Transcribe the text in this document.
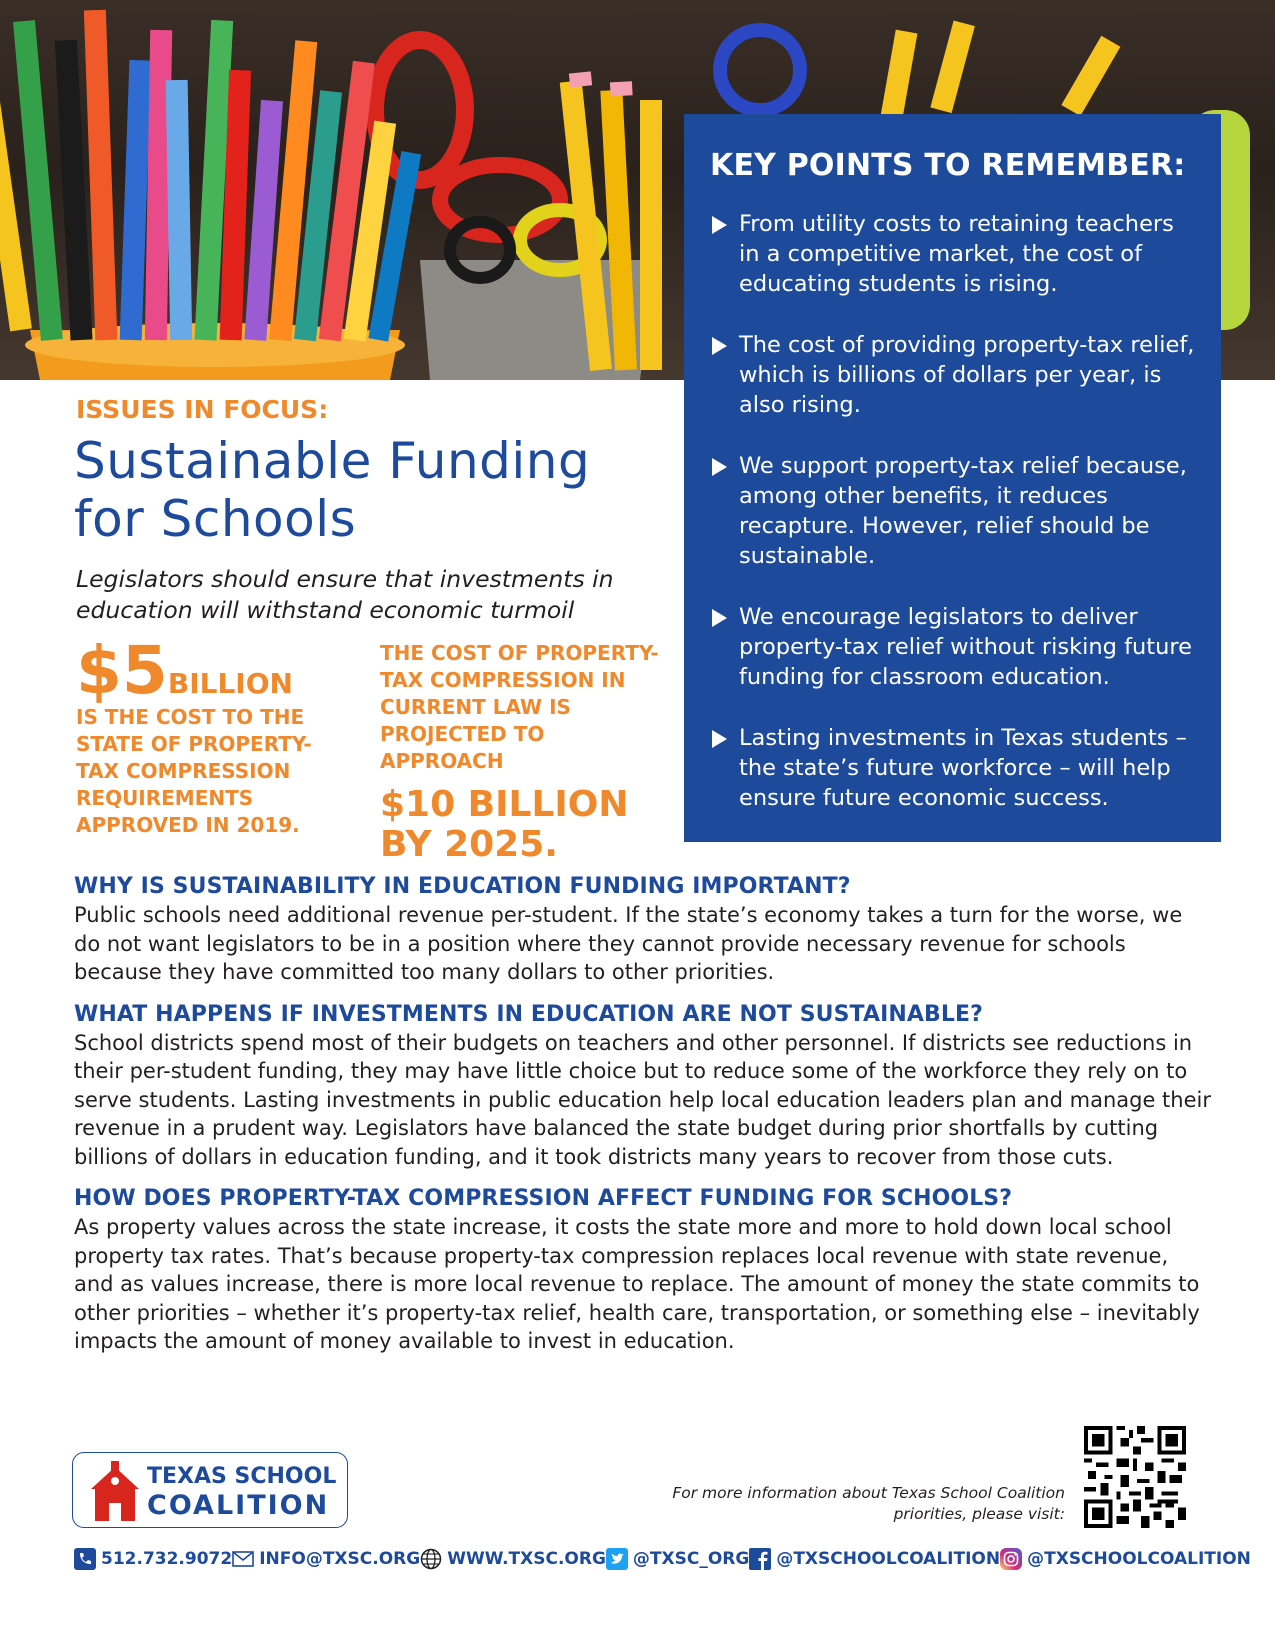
KEY POINTS TO REMEMBER:
From utility costs to retaining teachers in a competitive market, the cost of educating students is rising.
The cost of providing property-tax relief, which is billions of dollars per year, is also rising.
We support property-tax relief because, among other benefits, it reduces recapture. However, relief should be sustainable.
We encourage legislators to deliver property-tax relief without risking future funding for classroom education.
Lasting investments in Texas students – the state’s future workforce – will help ensure future economic success.
ISSUES IN FOCUS:
Sustainable Funding for Schools
Legislators should ensure that investments in education will withstand economic turmoil
$5BILLION
IS THE COST TO THE STATE OF PROPERTY-TAX COMPRESSION REQUIREMENTS APPROVED IN 2019.
THE COST OF PROPERTY-TAX COMPRESSION IN CURRENT LAW IS PROJECTED TO APPROACH
$10 BILLION BY 2025.
WHY IS SUSTAINABILITY IN EDUCATION FUNDING IMPORTANT?

Public schools need additional revenue per-student. If the state’s economy takes a turn for the worse, we do not want legislators to be in a position where they cannot provide necessary revenue for schools because they have committed too many dollars to other priorities.

WHAT HAPPENS IF INVESTMENTS IN EDUCATION ARE NOT SUSTAINABLE?

School districts spend most of their budgets on teachers and other personnel. If districts see reductions in their per-student funding, they may have little choice but to reduce some of the workforce they rely on to serve students. Lasting investments in public education help local education leaders plan and manage their revenue in a prudent way. Legislators have balanced the state budget during prior shortfalls by cutting billions of dollars in education funding, and it took districts many years to recover from those cuts.

HOW DOES PROPERTY-TAX COMPRESSION AFFECT FUNDING FOR SCHOOLS?

As property values across the state increase, it costs the state more and more to hold down local school property tax rates. That’s because property-tax compression replaces local revenue with state revenue, and as values increase, there is more local revenue to replace. The amount of money the state commits to other priorities – whether it’s property-tax relief, health care, transportation, or something else – inevitably impacts the amount of money available to invest in education.

TEXAS SCHOOL
COALITION	For more information about Texas School Coalition priorities, please visit:
512.732.9072 INFO@TXSC.ORG WWW.TXSC.ORG @TXSC_ORG @TXSCHOOLCOALITION @TXSCHOOLCOALITION
